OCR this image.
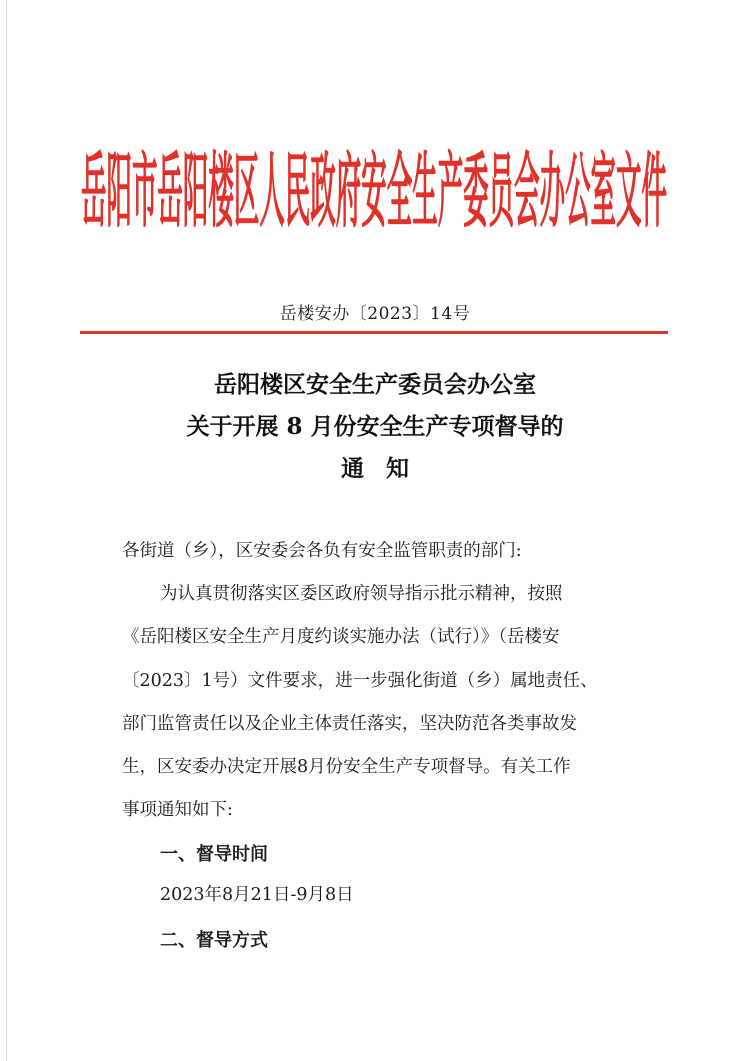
岳阳市岳阳楼区人民政府安全生产委员会办公室文件
岳楼安办〔2023〕14号
岳阳楼区安全生产委员会办公室
关于开展 8 月份安全生产专项督导的
通知
各街道（乡），区安委会各负有安全监管职责的部门:
为认真贯彻落实区委区政府领导指示批示精神，按照
《岳阳楼区安全生产月度约谈实施办法（试行）》（岳楼安
〔2023〕1号）文件要求，进一步强化街道（乡）属地责任、
部门监管责任以及企业主体责任落实，坚决防范各类事故发
生，区安委办决定开展8月份安全生产专项督导。有关工作
事项通知如下:
一、督导时间
2023年8月21日-9月8日
二、督导方式
